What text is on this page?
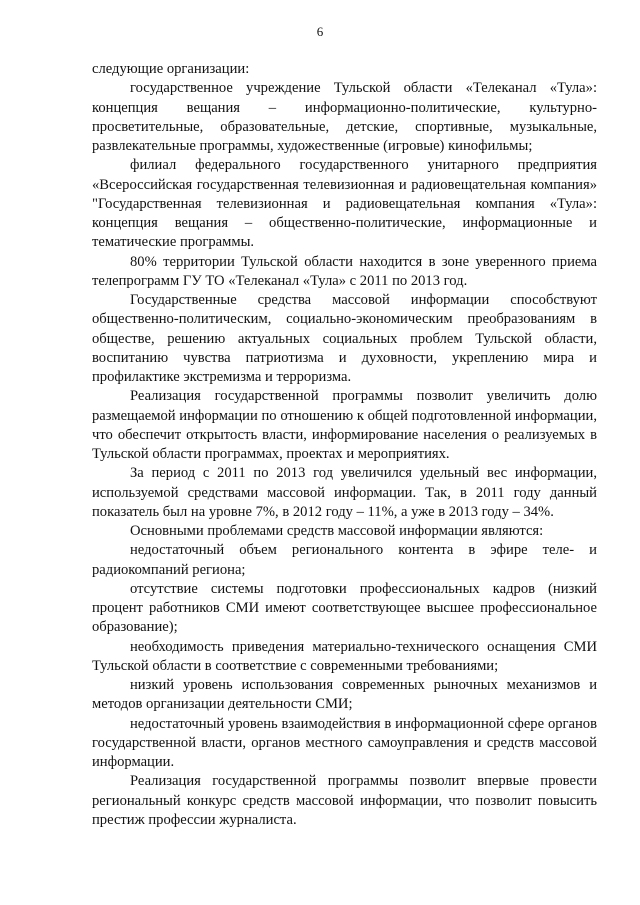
6

следующие организации:

государственное учреждение Тульской области «Телеканал «Тула»: концепция вещания – информационно-политические, культурно-просветительные, образовательные, детские, спортивные, музыкальные, развлекательные программы, художественные (игровые) кинофильмы;

филиал федерального государственного унитарного предприятия «Всероссийская государственная телевизионная и радиовещательная компания» "Государственная телевизионная и радиовещательная компания «Тула»: концепция вещания – общественно-политические, информационные и тематические программы.

80% территории Тульской области находится в зоне уверенного приема телепрограмм ГУ ТО «Телеканал «Тула» с 2011 по 2013 год.

Государственные средства массовой информации способствуют общественно-политическим, социально-экономическим преобразованиям в обществе, решению актуальных социальных проблем Тульской области, воспитанию чувства патриотизма и духовности, укреплению мира и профилактике экстремизма и терроризма.

Реализация государственной программы позволит увеличить долю размещаемой информации по отношению к общей подготовленной информации, что обеспечит открытость власти, информирование населения о реализуемых в Тульской области программах, проектах и мероприятиях.

За период с 2011 по 2013 год увеличился удельный вес информации, используемой средствами массовой информации. Так, в 2011 году данный показатель был на уровне 7%, в 2012 году – 11%, а уже в 2013 году – 34%.

Основными проблемами средств массовой информации являются:

недостаточный объем регионального контента в эфире теле- и радиокомпаний региона;

отсутствие системы подготовки профессиональных кадров (низкий процент работников СМИ имеют соответствующее высшее профессиональное образование);

необходимость приведения материально-технического оснащения СМИ Тульской области в соответствие с современными требованиями;

низкий уровень использования современных рыночных механизмов и методов организации деятельности СМИ;

недостаточный уровень взаимодействия в информационной сфере органов государственной власти, органов местного самоуправления и средств массовой информации.

Реализация государственной программы позволит впервые провести региональный конкурс средств массовой информации, что позволит повысить престиж профессии журналиста.
